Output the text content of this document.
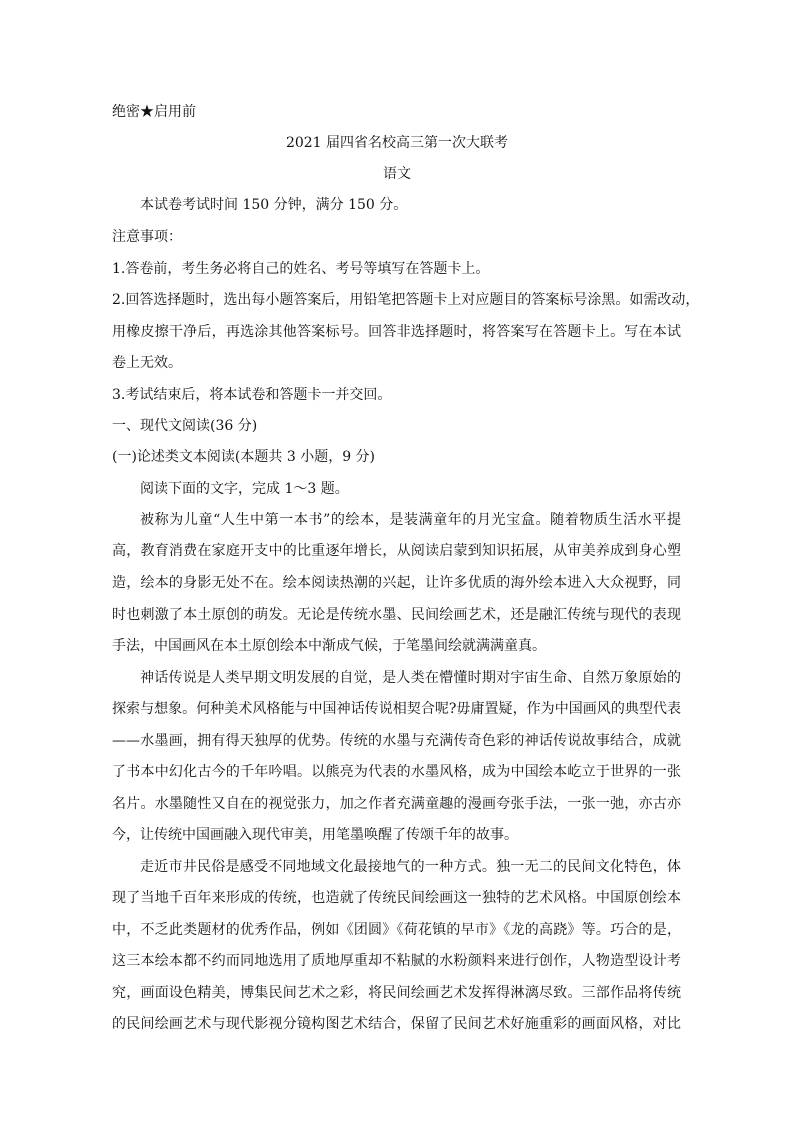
绝密★启用前
2021 届四省名校高三第一次大联考
语文
本试卷考试时间 150 分钟，满分 150 分。
注意事项：
1.答卷前，考生务必将自己的姓名、考号等填写在答题卡上。
2.回答选择题时，选出每小题答案后，用铅笔把答题卡上对应题目的答案标号涂黑。如需改动，
用橡皮擦干净后，再选涂其他答案标号。回答非选择题时，将答案写在答题卡上。写在本试
卷上无效。
3.考试结束后，将本试卷和答题卡一并交回。
一、现代文阅读(36 分)
(一)论述类文本阅读(本题共 3 小题，9 分)
阅读下面的文字，完成 1～3 题。
被称为儿童“人生中第一本书”的绘本，是装满童年的月光宝盒。随着物质生活水平提
高，教育消费在家庭开支中的比重逐年增长，从阅读启蒙到知识拓展，从审美养成到身心塑
造，绘本的身影无处不在。绘本阅读热潮的兴起，让许多优质的海外绘本进入大众视野，同
时也刺激了本土原创的萌发。无论是传统水墨、民间绘画艺术，还是融汇传统与现代的表现
手法，中国画风在本土原创绘本中渐成气候，于笔墨间绘就满满童真。
神话传说是人类早期文明发展的自觉，是人类在懵懂时期对宇宙生命、自然万象原始的
探索与想象。何种美术风格能与中国神话传说相契合呢?毋庸置疑，作为中国画风的典型代表
——水墨画，拥有得天独厚的优势。传统的水墨与充满传奇色彩的神话传说故事结合，成就
了书本中幻化古今的千年吟唱。以熊亮为代表的水墨风格，成为中国绘本屹立于世界的一张
名片。水墨随性又自在的视觉张力，加之作者充满童趣的漫画夸张手法，一张一弛，亦古亦
今，让传统中国画融入现代审美，用笔墨唤醒了传颂千年的故事。
走近市井民俗是感受不同地域文化最接地气的一种方式。独一无二的民间文化特色，体
现了当地千百年来形成的传统，也造就了传统民间绘画这一独特的艺术风格。中国原创绘本
中，不乏此类题材的优秀作品，例如《团圆》《荷花镇的早市》《龙的高跷》等。巧合的是，
这三本绘本都不约而同地选用了质地厚重却不粘腻的水粉颜料来进行创作，人物造型设计考
究，画面设色精美，博集民间艺术之彩，将民间绘画艺术发挥得淋漓尽致。三部作品将传统
的民间绘画艺术与现代影视分镜构图艺术结合，保留了民间艺术好施重彩的画面风格，对比
